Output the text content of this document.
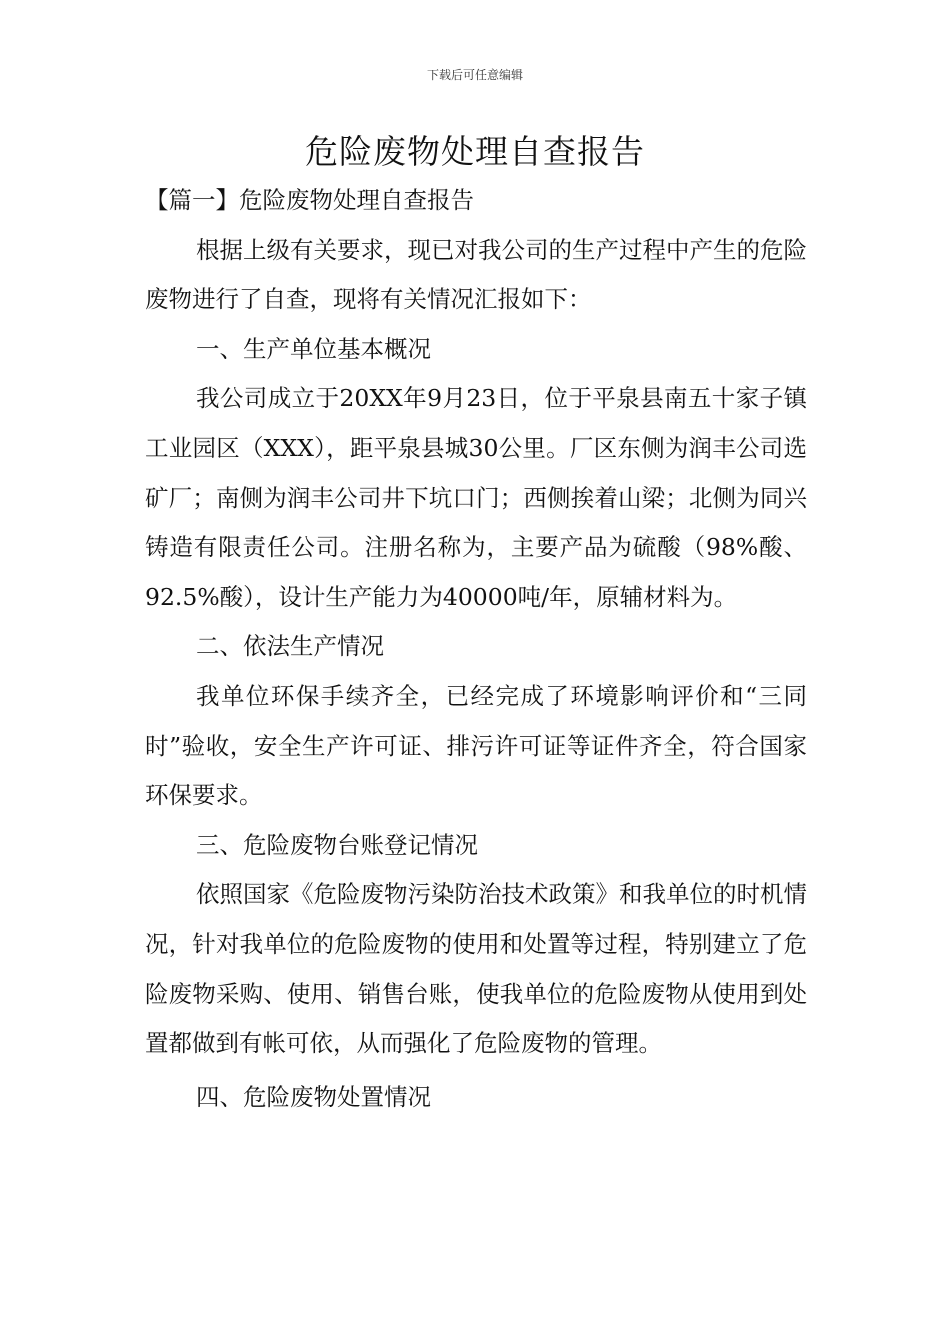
下载后可任意编辑
危险废物处理自查报告

【篇一】危险废物处理自查报告

根据上级有关要求，现已对我公司的生产过程中产生的危险废物进行了自查，现将有关情况汇报如下：

一、生产单位基本概况

我公司成立于20XX年9月23日，位于平泉县南五十家子镇工业园区（XXX），距平泉县城30公里。厂区东侧为润丰公司选矿厂；南侧为润丰公司井下坑口门；西侧挨着山梁；北侧为同兴铸造有限责任公司。注册名称为，主要产品为硫酸（98%酸、92.5%酸），设计生产能力为40000吨/年，原辅材料为。

二、依法生产情况

我单位环保手续齐全，已经完成了环境影响评价和“三同时”验收，安全生产许可证、排污许可证等证件齐全，符合国家环保要求。

三、危险废物台账登记情况

依照国家《危险废物污染防治技术政策》和我单位的时机情况，针对我单位的危险废物的使用和处置等过程，特别建立了危险废物采购、使用、销售台账，使我单位的危险废物从使用到处置都做到有帐可依，从而强化了危险废物的管理。

四、危险废物处置情况
